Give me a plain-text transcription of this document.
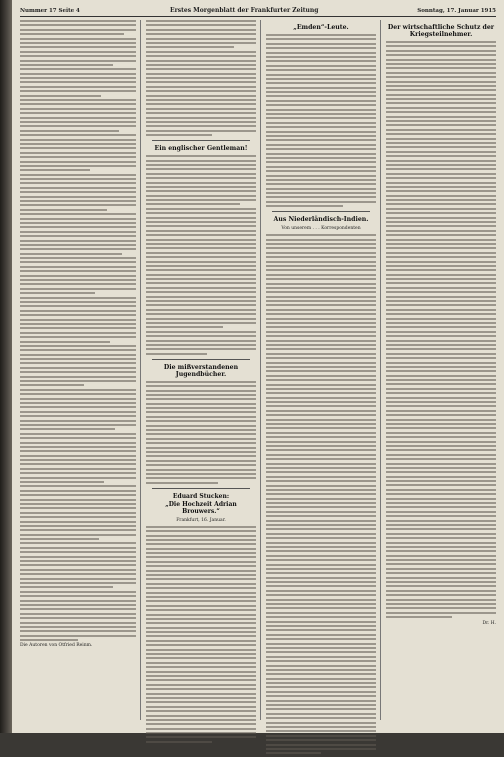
Nummer 17 Seite 4	Erstes Morgenblatt der Frankfurter Zeitung	Sonntag, 17. Januar 1915
Die Autoren von Otfried Reinm.
Ein englischer Gentleman!
Die mißverstandenen Jugendbücher.
Eduard Stucken:
„Die Hochzeit Adrian Brouwers.“
Frankfurt, 16. Januar.
„Emden“-Leute.
Aus Niederländisch-Indien.
Von unserem . . . Korrespondenten
Der wirtschaftliche Schutz der Kriegsteilnehmer.
Dr. H.
